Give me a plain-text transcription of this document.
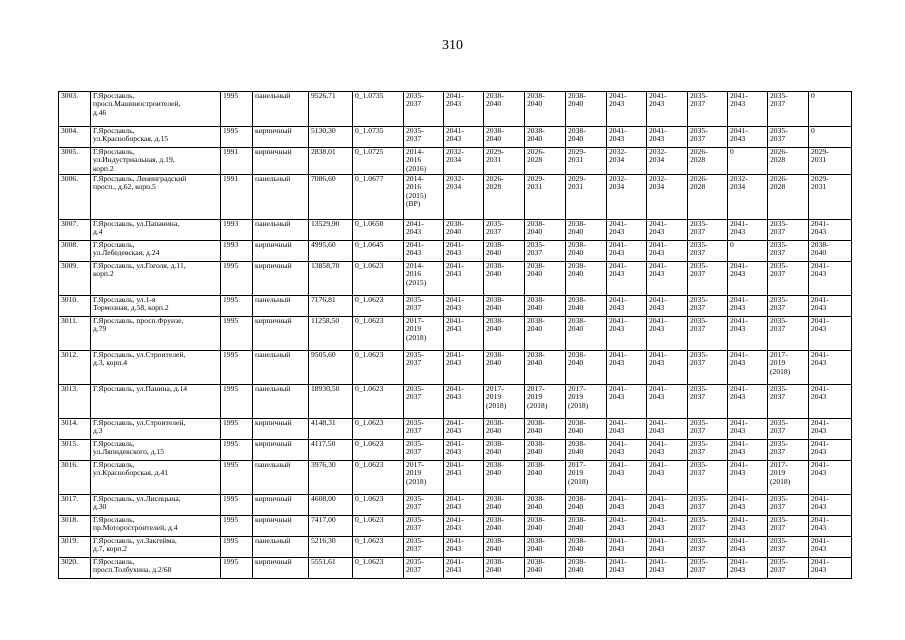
310
3003.	Г.Ярославль,
просп.Машиностроителей,
д.46	1995	панельный	9526,71	0_1.0735	2035-
2037	2041-
2043	2038-
2040	2038-
2040	2038-
2040	2041-
2043	2041-
2043	2035-
2037	2041-
2043	2035-
2037	0
3004.	Г.Ярославль,
ул.Красноборская, д.15	1995	кирпичный	5130,30	0_1.0735	2035-
2037	2041-
2043	2038-
2040	2038-
2040	2038-
2040	2041-
2043	2041-
2043	2035-
2037	2041-
2043	2035-
2037	0
3005.	Г.Ярославль,
ул.Индустриальная, д.19,
корп.2	1991	кирпичный	2838,01	0_1.0725	2014-
2016
(2016)	2032-
2034	2029-
2031	2026-
2028	2029-
2031	2032-
2034	2032-
2034	2026-
2028	0	2026-
2028	2029-
2031
3006.	Г.Ярославль, Ленинградский
просп., д.62, корп.5	1991	панельный	7086,60	0_1.0677	2014-
2016
(2015)
(ВР)	2032-
2034	2026-
2028	2029-
2031	2029-
2031	2032-
2034	2032-
2034	2026-
2028	2032-
2034	2026-
2028	2029-
2031
3007.	Г.Ярославль, ул.Папанина,
д.4	1993	панельный	13529,90	0_1.0650	2041-
2043	2038-
2040	2035-
2037	2038-
2040	2038-
2040	2041-
2043	2041-
2043	2035-
2037	2041-
2043	2035-
2037	2041-
2043
3008.	Г.Ярославль,
ул.Лебедевская, д.24	1993	кирпичный	4995,60	0_1.0645	2041-
2043	2041-
2043	2038-
2040	2035-
2037	2038-
2040	2041-
2043	2041-
2043	2035-
2037	0	2035-
2037	2038-
2040
3009.	Г.Ярославль, ул.Гоголя, д.11,
корп.2	1995	кирпичный	13858,70	0_1.0623	2014-
2016
(2015)	2041-
2043	2038-
2040	2038-
2040	2038-
2040	2041-
2043	2041-
2043	2035-
2037	2041-
2043	2035-
2037	2041-
2043
3010.	Г.Ярославль, ул.1-я
Тормозная, д.58, корп.2	1995	панельный	7176,81	0_1.0623	2035-
2037	2041-
2043	2038-
2040	2038-
2040	2038-
2040	2041-
2043	2041-
2043	2035-
2037	2041-
2043	2035-
2037	2041-
2043
3011.	Г.Ярославль, просп.Фрунзе,
д.79	1995	кирпичный	11258,50	0_1.0623	2017-
2019
(2018)	2041-
2043	2038-
2040	2038-
2040	2038-
2040	2041-
2043	2041-
2043	2035-
2037	2041-
2043	2035-
2037	2041-
2043
3012.	Г.Ярославль, ул.Строителей,
д.3, корп.4	1995	панельный	9505,60	0_1.0623	2035-
2037	2041-
2043	2038-
2040	2038-
2040	2038-
2040	2041-
2043	2041-
2043	2035-
2037	2041-
2043	2017-
2019
(2018)	2041-
2043
3013.	Г.Ярославль, ул.Панина, д.14	1995	панельный	18930,50	0_1.0623	2035-
2037	2041-
2043	2017-
2019
(2018)	2017-
2019
(2018)	2017-
2019
(2018)	2041-
2043	2041-
2043	2035-
2037	2041-
2043	2035-
2037	2041-
2043
3014.	Г.Ярославль, ул.Строителей,
д.3	1995	кирпичный	4148,31	0_1.0623	2035-
2037	2041-
2043	2038-
2040	2038-
2040	2038-
2040	2041-
2043	2041-
2043	2035-
2037	2041-
2043	2035-
2037	2041-
2043
3015.	Г.Ярославль,
ул.Ляпидевского, д.15	1995	кирпичный	4117,50	0_1.0623	2035-
2037	2041-
2043	2038-
2040	2038-
2040	2038-
2040	2041-
2043	2041-
2043	2035-
2037	2041-
2043	2035-
2037	2041-
2043
3016.	Г.Ярославль,
ул.Красноборская, д.41	1995	панельный	3976,30	0_1.0623	2017-
2019
(2018)	2041-
2043	2038-
2040	2038-
2040	2017-
2019
(2018)	2041-
2043	2041-
2043	2035-
2037	2041-
2043	2017-
2019
(2018)	2041-
2043
3017.	Г.Ярославль, ул.Лисицына,
д.30	1995	кирпичный	4608,00	0_1.0623	2035-
2037	2041-
2043	2038-
2040	2038-
2040	2038-
2040	2041-
2043	2041-
2043	2035-
2037	2041-
2043	2035-
2037	2041-
2043
3018.	Г.Ярославль,
пр.Моторостроителей, д.4	1995	кирпичный	7417,00	0_1.0623	2035-
2037	2041-
2043	2038-
2040	2038-
2040	2038-
2040	2041-
2043	2041-
2043	2035-
2037	2041-
2043	2035-
2037	2041-
2043
3019.	Г.Ярославль, ул.Закгейма,
д.7, корп.2	1995	панельный	5216,30	0_1.0623	2035-
2037	2041-
2043	2038-
2040	2038-
2040	2038-
2040	2041-
2043	2041-
2043	2035-
2037	2041-
2043	2035-
2037	2041-
2043
3020.	Г.Ярославль,
просп.Толбухина, д.2/68	1995	кирпичный	5551,61	0_1.0623	2035-
2037	2041-
2043	2038-
2040	2038-
2040	2038-
2040	2041-
2043	2041-
2043	2035-
2037	2041-
2043	2035-
2037	2041-
2043
